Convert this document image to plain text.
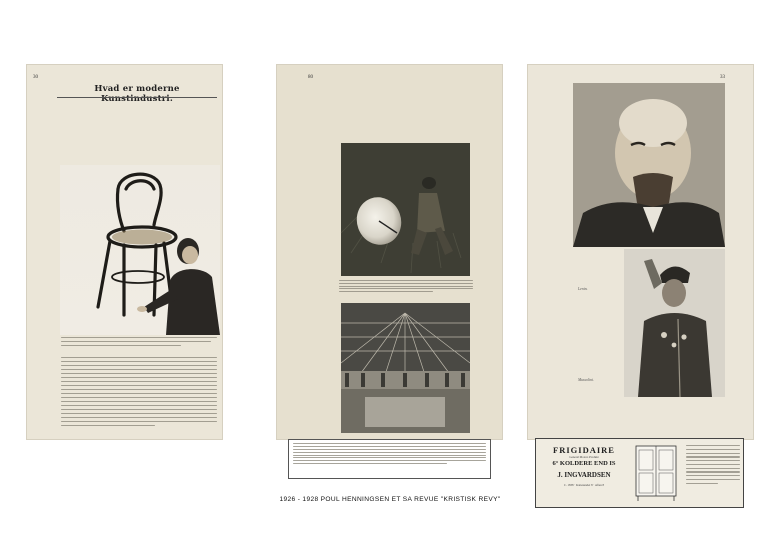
30
Hvad er moderne Kunstindustri.
80	33
Lenin.
Mussolini.
FRIGIDAIRE
General Motors Produkt
6° KOLDERE END IS
J. INGVARDSEN
C. 1838 · Kattesundet 8 · Aften 8
1926 - 1928 POUL HENNINGSEN ET SA REVUE "KRISTISK REVY"
